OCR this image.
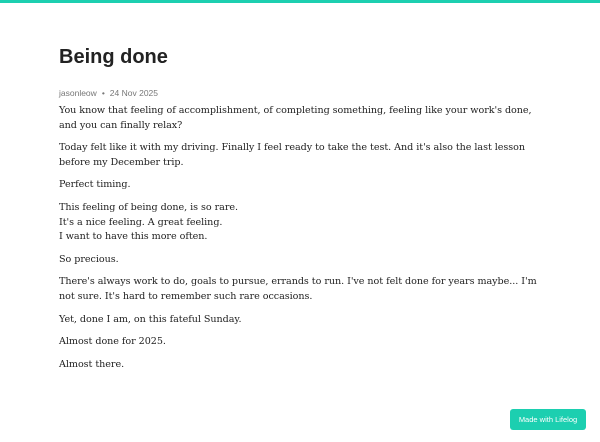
Being done
jasonleow • 24 Nov 2025

You know that feeling of accomplishment, of completing something, feeling like your work's done, and you can finally relax?

Today felt like it with my driving. Finally I feel ready to take the test. And it's also the last lesson before my December trip.

Perfect timing.

This feeling of being done, is so rare.
It's a nice feeling. A great feeling.
I want to have this more often.

So precious.

There's always work to do, goals to pursue, errands to run. I've not felt done for years maybe... I'm not sure. It's hard to remember such rare occasions.

Yet, done I am, on this fateful Sunday.

Almost done for 2025.

Almost there.

Made with Lifelog
